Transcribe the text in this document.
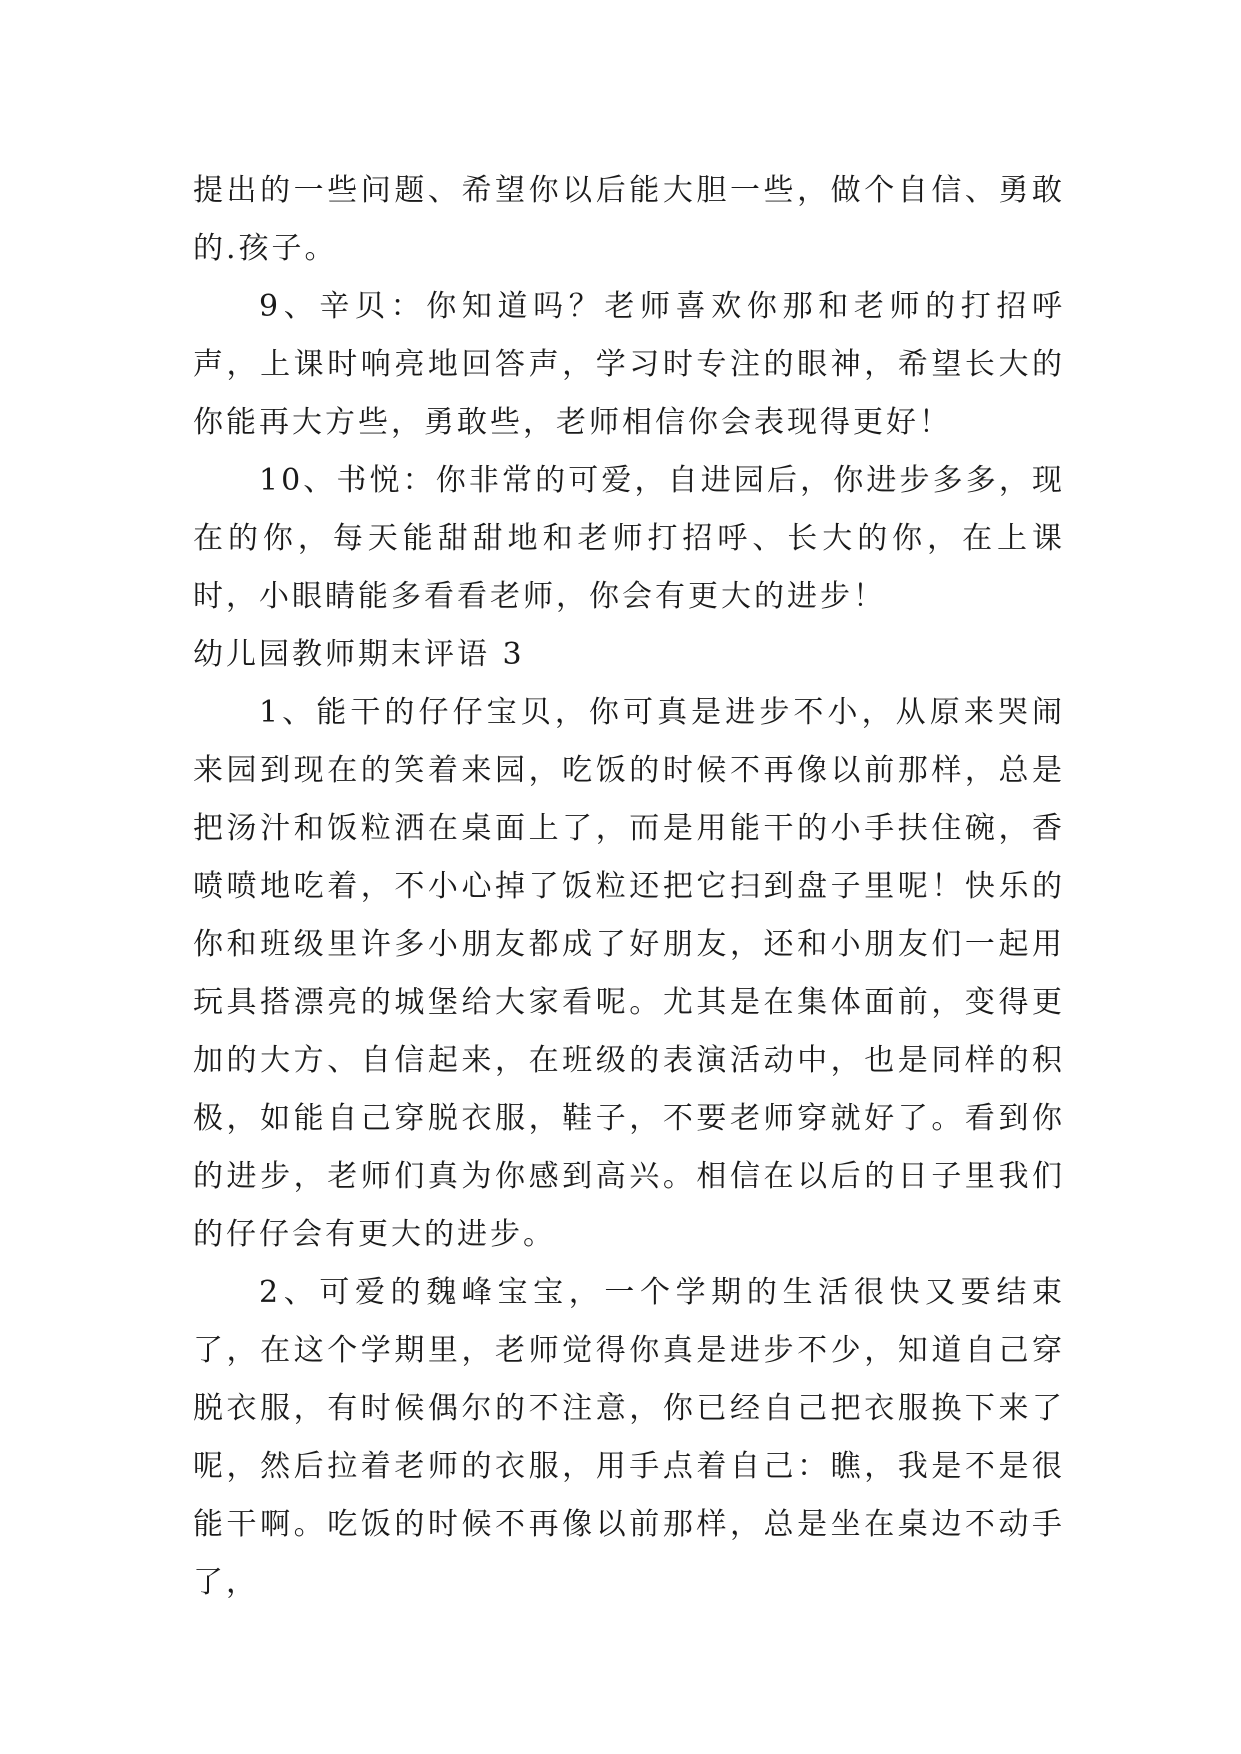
提出的一些问题、希望你以后能大胆一些，做个自信、勇敢的.孩子。

9、辛贝：你知道吗？老师喜欢你那和老师的打招呼声，上课时响亮地回答声，学习时专注的眼神，希望长大的你能再大方些，勇敢些，老师相信你会表现得更好！

10、书悦：你非常的可爱，自进园后，你进步多多，现在的你，每天能甜甜地和老师打招呼、长大的你，在上课时，小眼睛能多看看老师，你会有更大的进步！

幼儿园教师期末评语 3

1、能干的仔仔宝贝，你可真是进步不小，从原来哭闹来园到现在的笑着来园，吃饭的时候不再像以前那样，总是把汤汁和饭粒洒在桌面上了，而是用能干的小手扶住碗，香喷喷地吃着，不小心掉了饭粒还把它扫到盘子里呢！快乐的你和班级里许多小朋友都成了好朋友，还和小朋友们一起用玩具搭漂亮的城堡给大家看呢。尤其是在集体面前，变得更加的大方、自信起来，在班级的表演活动中，也是同样的积极，如能自己穿脱衣服，鞋子，不要老师穿就好了。看到你的进步，老师们真为你感到高兴。相信在以后的日子里我们的仔仔会有更大的进步。

2、可爱的魏峰宝宝，一个学期的生活很快又要结束了，在这个学期里，老师觉得你真是进步不少，知道自己穿脱衣服，有时候偶尔的不注意，你已经自己把衣服换下来了呢，然后拉着老师的衣服，用手点着自己：瞧，我是不是很能干啊。吃饭的时候不再像以前那样，总是坐在桌边不动手了，
